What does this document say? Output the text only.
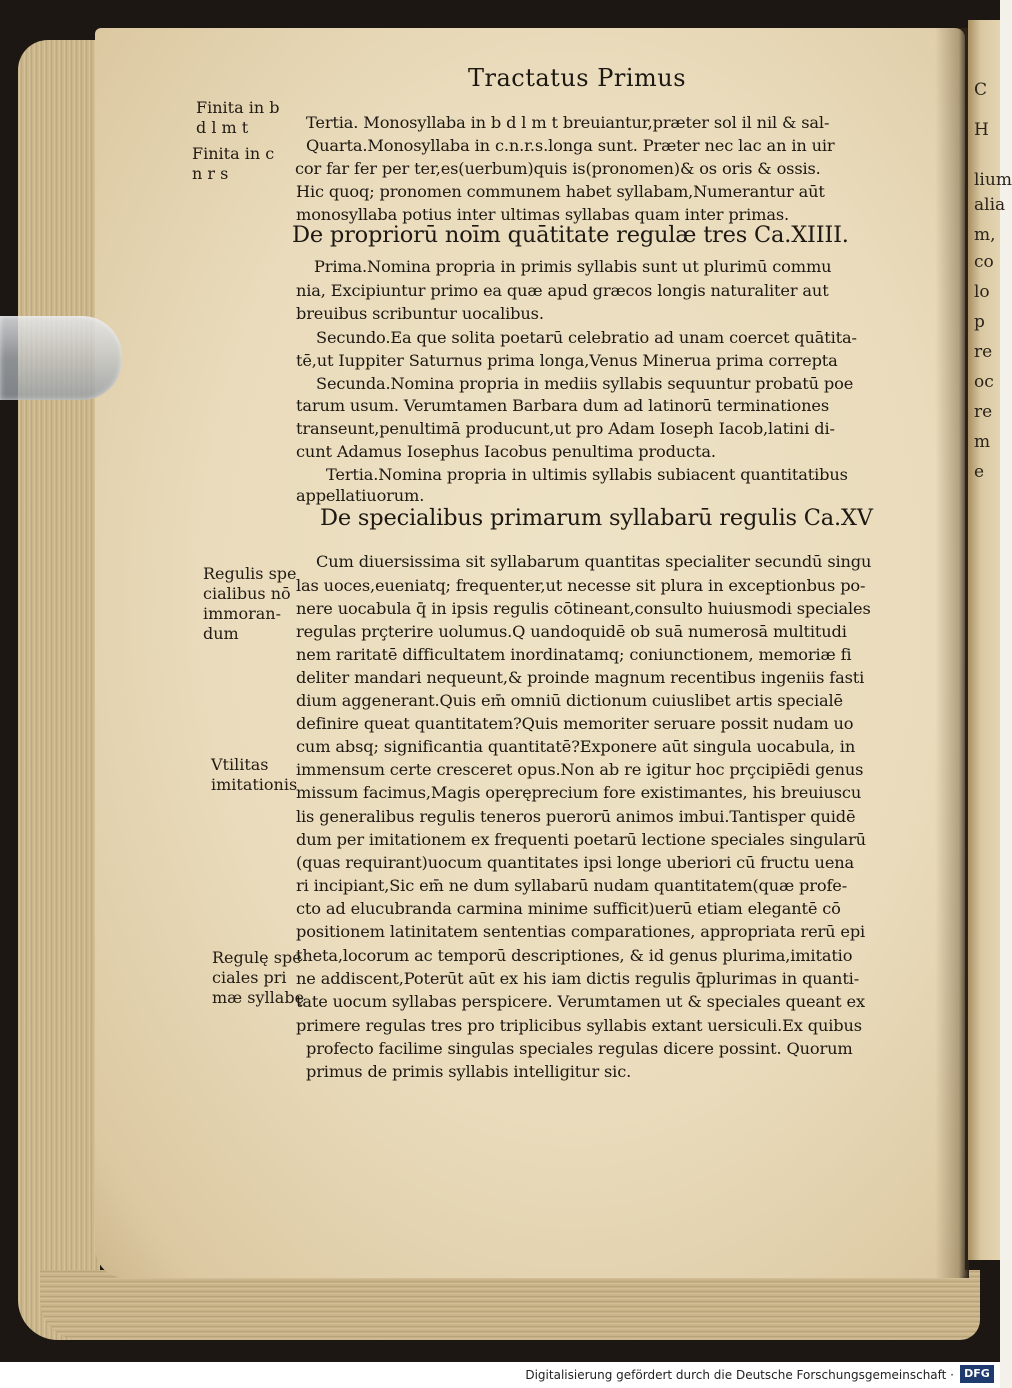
C
H
lium
alia
m,
co
lo
p
re
oc
re
m
e
Tractatus Primus
Finita in b
d l m t
Finita in c
n r s
Regulis spe
cialibus nō
immoran-
dum
Vtilitas
imitationis
Regulę spe
ciales pri
mæ syllabę
Tertia. Monosyllaba in b d l m t breuiantur,præter sol il nil & sal-
Quarta.Monosyllaba in c.n.r.s.longa sunt. Præter nec lac an in uir
cor far fer per ter,es(uerbum)quis is(pronomen)& os oris & ossis.
Hic quoq; pronomen communem habet syllabam,Numerantur aūt
monosyllaba potius inter ultimas syllabas quam inter primas.
De propriorū noīm quātitate regulæ tres Ca.XIIII.
Prima.Nomina propria in primis syllabis sunt ut plurimū commu
nia, Excipiuntur primo ea quæ apud græcos longis naturaliter aut
breuibus scribuntur uocalibus.
Secundo.Ea que solita poetarū celebratio ad unam coercet quātita-
tē,ut Iuppiter Saturnus prima longa,Venus Minerua prima correpta
Secunda.Nomina propria in mediis syllabis sequuntur probatū poe
tarum usum. Verumtamen Barbara dum ad latinorū terminationes
transeunt,penultimā producunt,ut pro Adam Ioseph Iacob,latini di-
cunt Adamus Iosephus Iacobus penultima producta.
Tertia.Nomina propria in ultimis syllabis subiacent quantitatibus
appellatiuorum.
De specialibus primarum syllabarū regulis Ca.XV
Cum diuersissima sit syllabarum quantitas specialiter secundū singu
las uoces,eueniatq; frequenter,ut necesse sit plura in exceptionbus po-
nere uocabula q̄ in ipsis regulis cōtineant,consulto huiusmodi speciales
regulas prçterire uolumus.Q uandoquidē ob suā numerosā multitudi
nem raritatē difficultatem inordinatamq; coniunctionem, memoriæ fi
deliter mandari nequeunt,& proinde magnum recentibus ingeniis fasti
dium aggenerant.Quis em̄ omniū dictionum cuiuslibet artis specialē
definire queat quantitatem?Quis memoriter seruare possit nudam uo
cum absq; significantia quantitatē?Exponere aūt singula uocabula, in
immensum certe cresceret opus.Non ab re igitur hoc prçcipiēdi genus
missum facimus,Magis operęprecium fore existimantes, his breuiuscu
lis generalibus regulis teneros puerorū animos imbui.Tantisper quidē
dum per imitationem ex frequenti poetarū lectione speciales singularū
(quas requirant)uocum quantitates ipsi longe uberiori cū fructu uena
ri incipiant,Sic em̄ ne dum syllabarū nudam quantitatem(quæ profe-
cto ad elucubranda carmina minime sufficit)uerū etiam elegantē cō
positionem latinitatem sententias comparationes, appropriata rerū epi
theta,locorum ac temporū descriptiones, & id genus plurima,imitatio
ne addiscent,Poterūt aūt ex his iam dictis regulis q̄plurimas in quanti-
tate uocum syllabas perspicere. Verumtamen ut & speciales queant ex
primere regulas tres pro triplicibus syllabis extant uersiculi.Ex quibus
profecto facilime singulas speciales regulas dicere possint. Quorum
primus de primis syllabis intelligitur sic.
Digitalisierung gefördert durch die Deutsche Forschungsgemeinschaft · DFG
